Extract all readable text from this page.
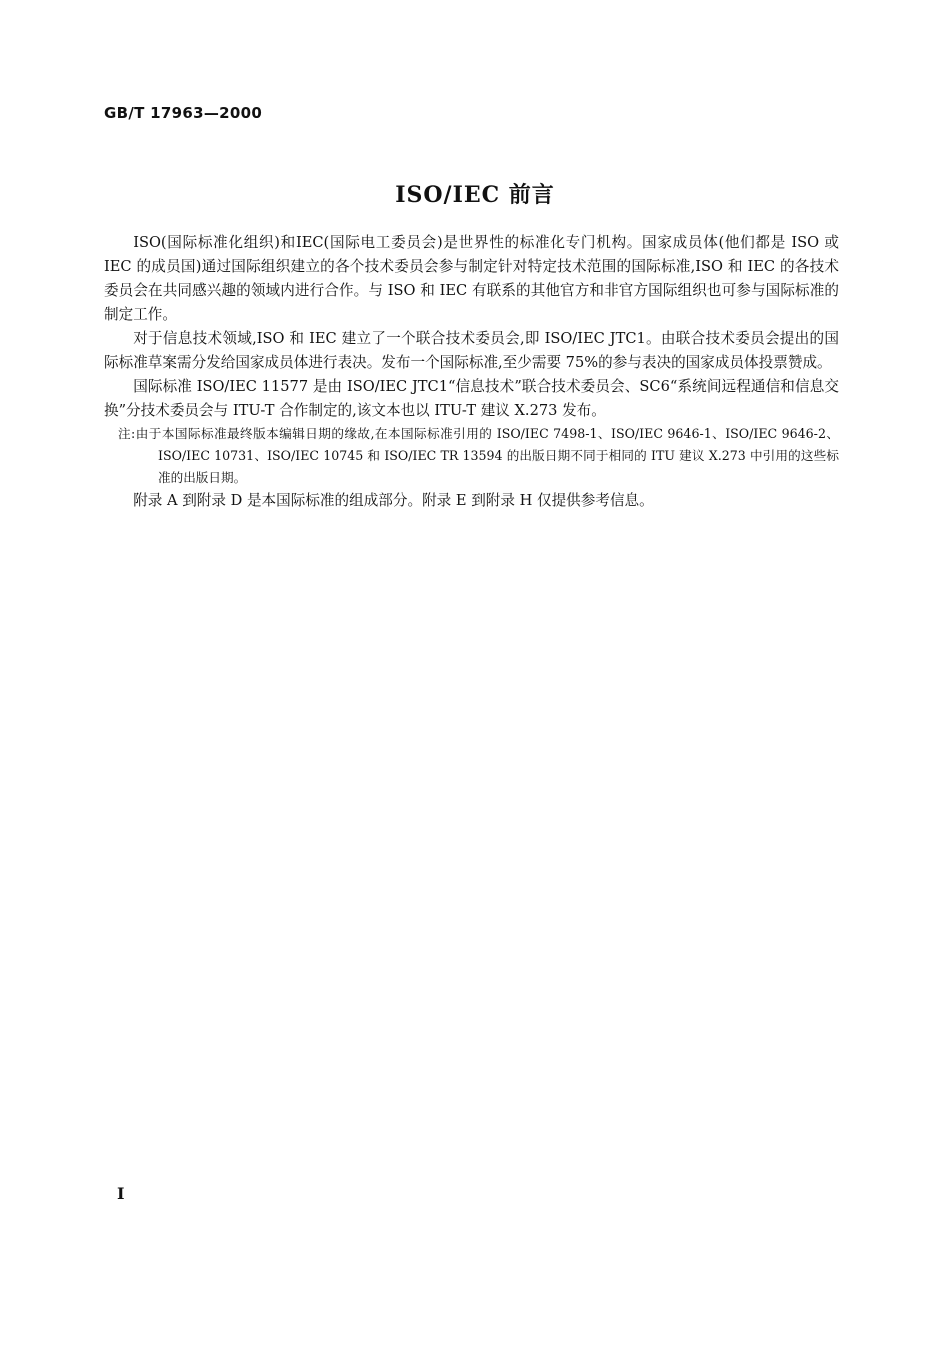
GB/T 17963—2000
ISO/IEC 前言

ISO(国际标准化组织)和IEC(国际电工委员会)是世界性的标准化专门机构。国家成员体(他们都是 ISO 或 IEC 的成员国)通过国际组织建立的各个技术委员会参与制定针对特定技术范围的国际标准,ISO 和 IEC 的各技术委员会在共同感兴趣的领域内进行合作。与 ISO 和 IEC 有联系的其他官方和非官方国际组织也可参与国际标准的制定工作。

对于信息技术领域,ISO 和 IEC 建立了一个联合技术委员会,即 ISO/IEC JTC1。由联合技术委员会提出的国际标准草案需分发给国家成员体进行表决。发布一个国际标准,至少需要 75%的参与表决的国家成员体投票赞成。

国际标准 ISO/IEC 11577 是由 ISO/IEC JTC1“信息技术”联合技术委员会、SC6“系统间远程通信和信息交换”分技术委员会与 ITU-T 合作制定的,该文本也以 ITU-T 建议 X.273 发布。

注:由于本国际标准最终版本编辑日期的缘故,在本国际标准引用的 ISO/IEC 7498-1、ISO/IEC 9646-1、ISO/IEC 9646-2、ISO/IEC 10731、ISO/IEC 10745 和 ISO/IEC TR 13594 的出版日期不同于相同的 ITU 建议 X.273 中引用的这些标准的出版日期。

附录 A 到附录 D 是本国际标准的组成部分。附录 E 到附录 H 仅提供参考信息。

I
